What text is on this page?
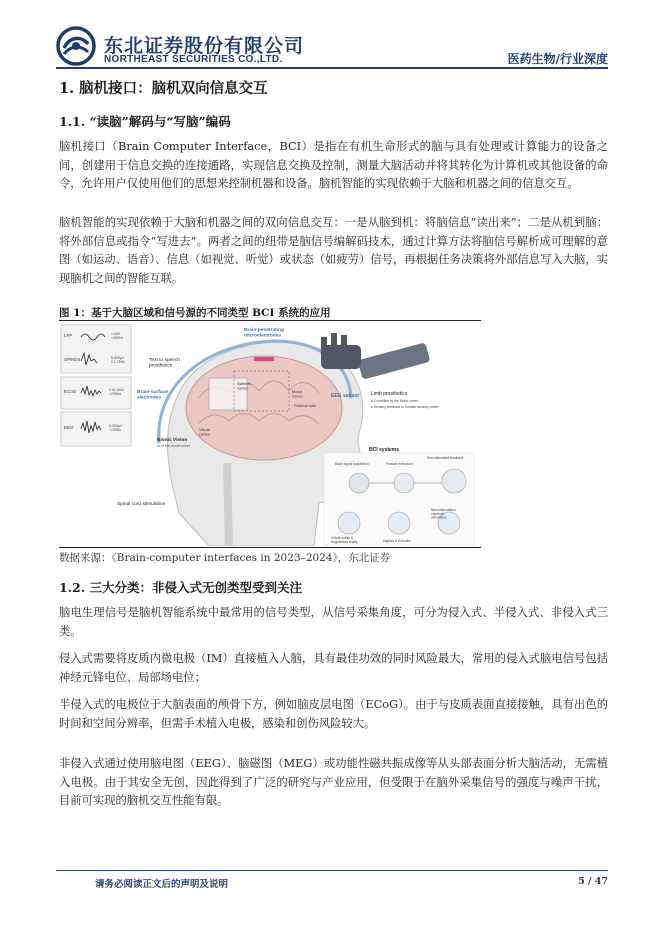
东北证券股份有限公司
NORTHEAST SECURITIES CO.,LTD.	医药生物/行业深度
1. 脑机接口：脑机双向信息交互
1.1. “读脑”解码与“写脑”编码
脑机接口（Brain Computer Interface，BCI）是指在有机生命形式的脑与具有处理或计算能力的设备之间，创建用于信息交换的连接通路，实现信息交换及控制，测量大脑活动并将其转化为计算机或其他设备的命令，允许用户仅使用他们的思想来控制机器和设备。脑机智能的实现依赖于大脑和机器之间的信息交互。
脑机智能的实现依赖于大脑和机器之间的双向信息交互：一是从脑到机：将脑信息“读出来”；二是从机到脑：将外部信息或指令“写进去”。两者之间的纽带是脑信号编解码技术，通过计算方法将脑信号解析成可理解的意图（如运动、语音）、信息（如视觉、听觉）或状态（如疲劳）信号，再根据任务决策将外部信息写入大脑，实现脑机之间的智能互联。
图 1：基于大脑区域和信号源的不同类型 BCI 系统的应用
LFP
SPIKES
ECoG
EEG
<1mV <200Hz
5-500μV 0.1-7kHz
0.01-5mV <200Hz
0-300μV <100Hz
Brain-penetrating microelectrodes
Text to speech prosthetics
Brain-surface electrodes
Speech cortex
Motor cortex
Parietal lobe
Visual cortex
Bionic Vision
III of the visual cortex
Spinal cord stimulation
EEG sensor Limb prosthetics
● Controlled by the Motor cortex
● Sensory feedback to Somato sensory cortex
BCI systems
Brain signal acquisition	Feature extraction
Non-stimulated feedback
Virtual reality & Augmented reality
Neurostimulation electrode stimulation
Haptics & Robotics
数据来源：《Brain-computer interfaces in 2023–2024》，东北证券
1.2. 三大分类：非侵入式无创类型受到关注
脑电生理信号是脑机智能系统中最常用的信号类型，从信号采集角度，可分为侵入式、半侵入式、非侵入式三类。
侵入式需要将皮质内微电极（IM）直接植入人脑，具有最佳功效的同时风险最大，常用的侵入式脑电信号包括神经元锋电位、局部场电位；
半侵入式的电极位于大脑表面的颅骨下方，例如脑皮层电图（ECoG）。由于与皮质表面直接接触，具有出色的时间和空间分辨率，但需手术植入电极，感染和创伤风险较大。
非侵入式通过使用脑电图（EEG）、脑磁图（MEG）或功能性磁共振成像等从头部表面分析大脑活动，无需植入电极。由于其安全无创，因此得到了广泛的研究与产业应用，但受限于在脑外采集信号的强度与噪声干扰，目前可实现的脑机交互性能有限。
请务必阅读正文后的声明及说明	5 / 47
